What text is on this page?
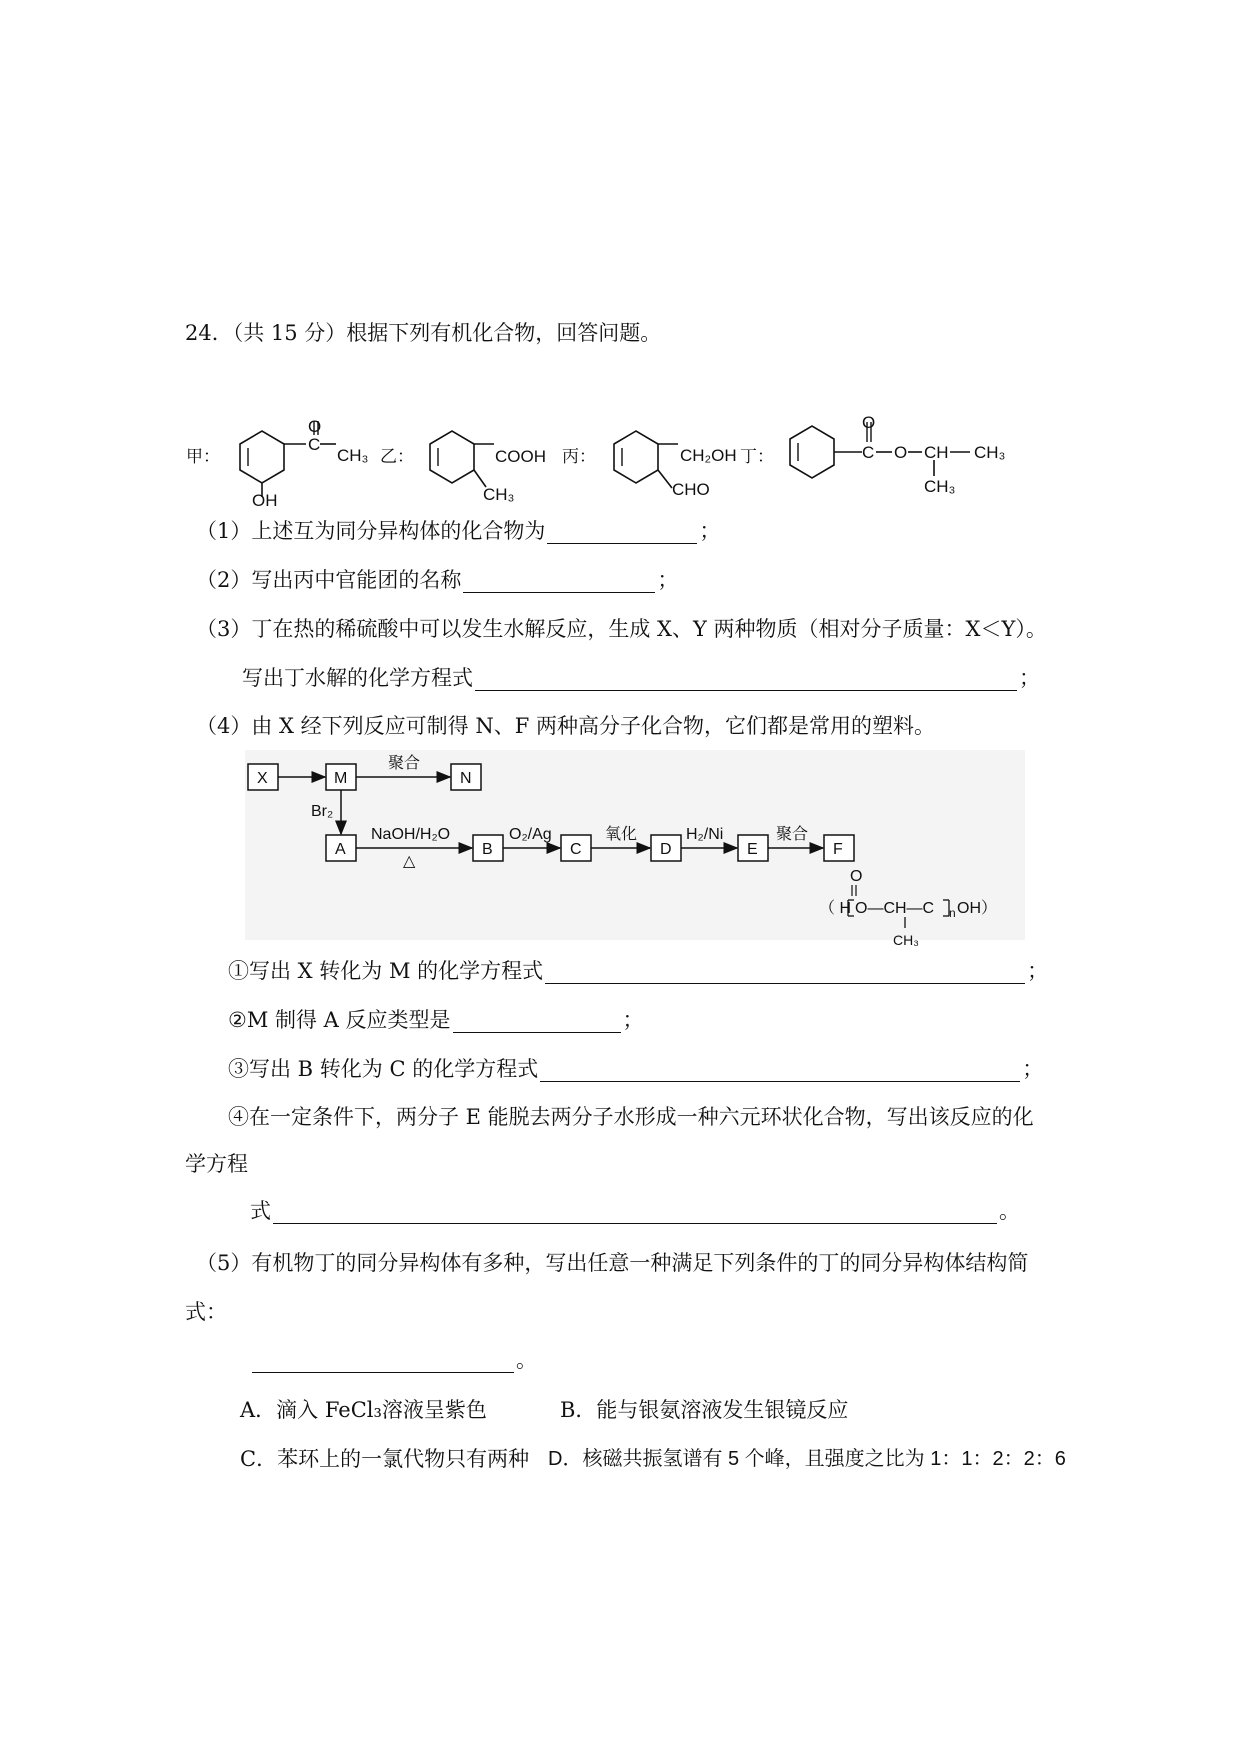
24．（共 15 分）根据下列有机化合物，回答问题。
甲：
O
C
CH₃
OH
乙：	COOH
CH₃
丙：	CH₂OH
CHO
丁：
O
C O CH CH₃
CH₃
（1）上述互为同分异构体的化合物为	；
（2）写出丙中官能团的名称	；
（3）丁在热的稀硫酸中可以发生水解反应，生成 X、Y 两种物质（相对分子质量：X＜Y）。
写出丁水解的化学方程式	；
（4）由 X 经下列反应可制得 N、F 两种高分子化合物，它们都是常用的塑料。
X	M
聚合
N
Br₂
A
NaOH/H₂O
△
B
O₂/Ag
C
氧化
D
H₂/Ni
E
聚合
F
（ H O—CH—C n OH）
O
CH₃
①写出 X 转化为 M 的化学方程式	；
②M 制得 A 反应类型是	；
③写出 B 转化为 C 的化学方程式	；
④在一定条件下，两分子 E 能脱去两分子水形成一种六元环状化合物，写出该反应的化
学方程
式	。
（5）有机物丁的同分异构体有多种，写出任意一种满足下列条件的丁的同分异构体结构简
式：
。
A．滴入 FeCl₃溶液呈紫色	B．能与银氨溶液发生银镜反应
C．苯环上的一氯代物只有两种 D．核磁共振氢谱有 5 个峰，且强度之比为 1：1：2：2：6
